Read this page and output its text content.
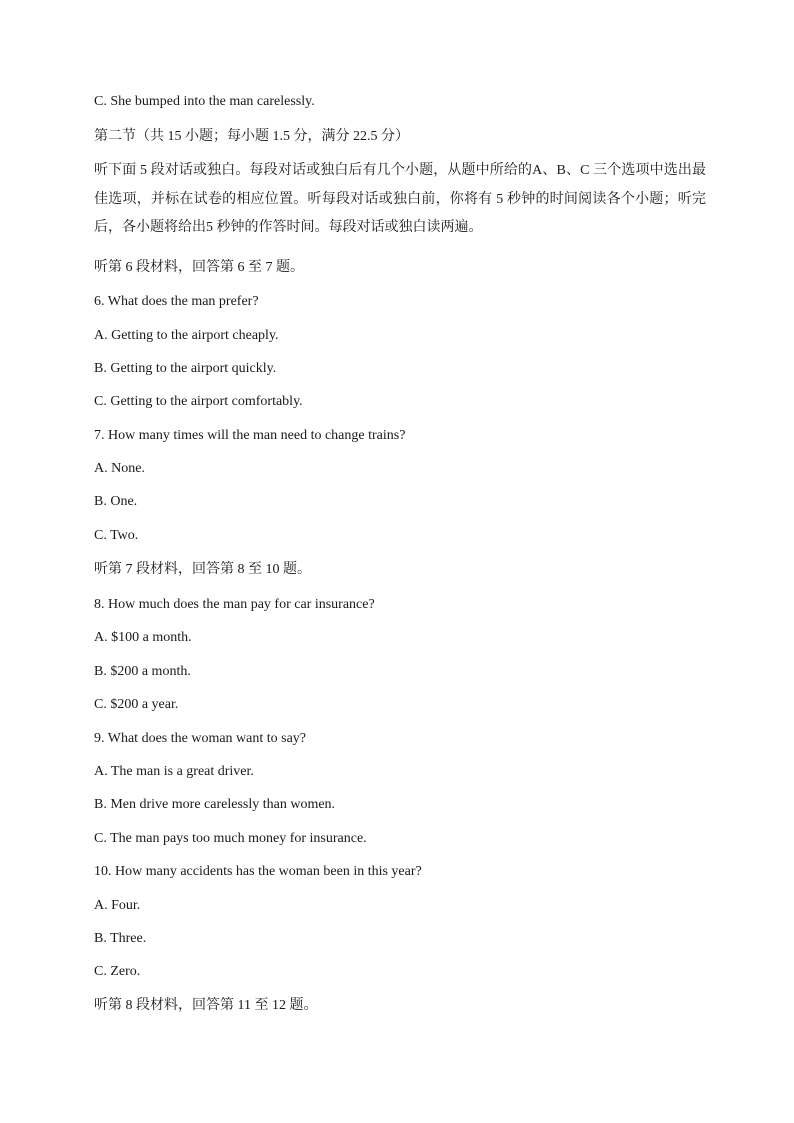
C. She bumped into the man carelessly.
第二节（共 15 小题；每小题 1.5 分，满分 22.5 分）
听下面 5 段对话或独白。每段对话或独白后有几个小题，从题中所给的A、B、C 三个选项中选出最佳选项，并标在试卷的相应位置。听每段对话或独白前，你将有 5 秒钟的时间阅读各个小题；听完后，各小题将给出5 秒钟的作答时间。每段对话或独白读两遍。
听第 6 段材料，回答第 6 至 7 题。
6. What does the man prefer?
A. Getting to the airport cheaply.
B. Getting to the airport quickly.
C. Getting to the airport comfortably.
7. How many times will the man need to change trains?
A. None.
B. One.
C. Two.
听第 7 段材料，回答第 8 至 10 题。
8. How much does the man pay for car insurance?
A. $100 a month.
B. $200 a month.
C. $200 a year.
9. What does the woman want to say?
A. The man is a great driver.
B. Men drive more carelessly than women.
C. The man pays too much money for insurance.
10. How many accidents has the woman been in this year?
A. Four.
B. Three.
C. Zero.
听第 8 段材料，回答第 11 至 12 题。
